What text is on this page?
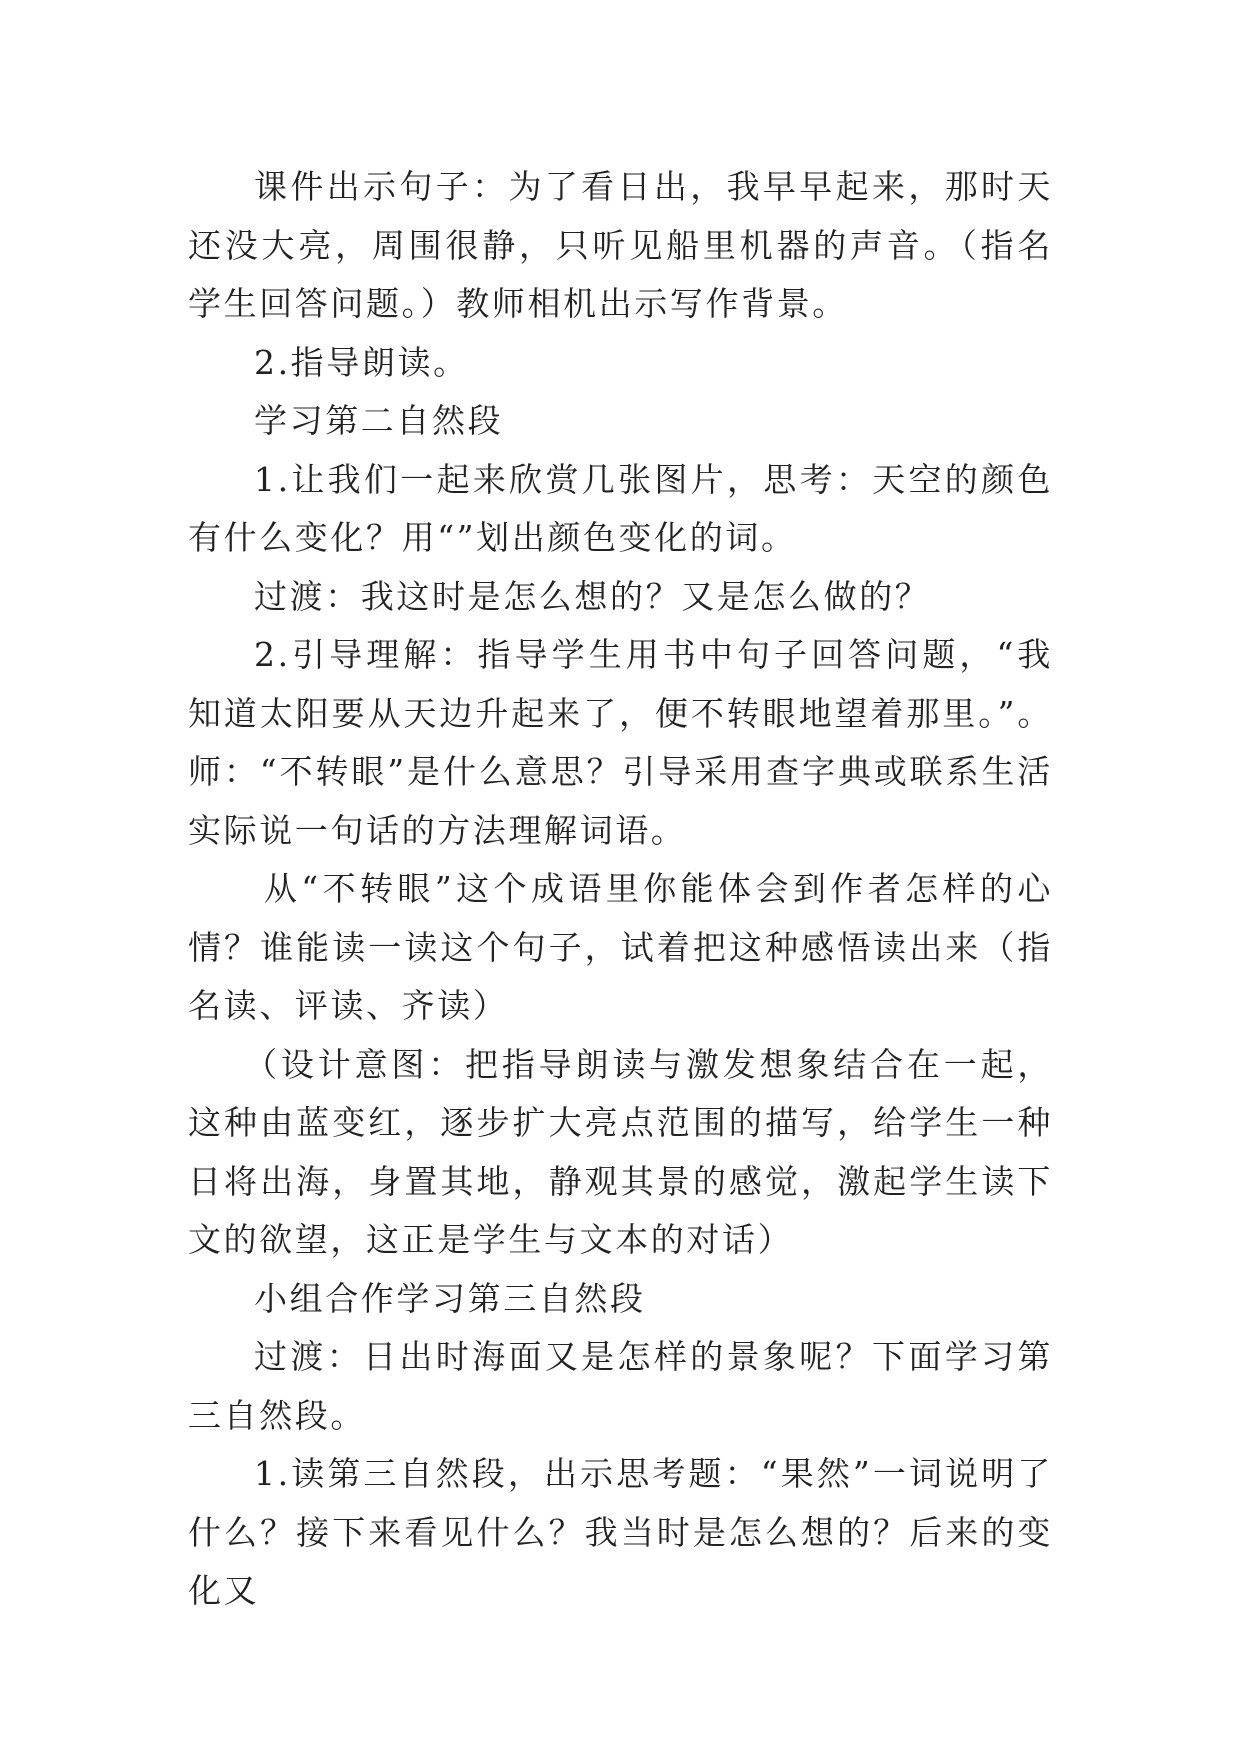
课件出示句子：为了看日出，我早早起来，那时天还没大亮，周围很静，只听见船里机器的声音。（指名学生回答问题。）教师相机出示写作背景。

2.指导朗读。

学习第二自然段

1.让我们一起来欣赏几张图片，思考：天空的颜色有什么变化？用“”划出颜色变化的词。

过渡：我这时是怎么想的？又是怎么做的？

2.引导理解：指导学生用书中句子回答问题，“我知道太阳要从天边升起来了，便不转眼地望着那里。”。师：“不转眼”是什么意思？引导采用查字典或联系生活实际说一句话的方法理解词语。

从“不转眼”这个成语里你能体会到作者怎样的心情？谁能读一读这个句子，试着把这种感悟读出来（指名读、评读、齐读）

（设计意图：把指导朗读与激发想象结合在一起，这种由蓝变红，逐步扩大亮点范围的描写，给学生一种日将出海，身置其地，静观其景的感觉，激起学生读下文的欲望，这正是学生与文本的对话）

小组合作学习第三自然段

过渡：日出时海面又是怎样的景象呢？下面学习第三自然段。

1.读第三自然段，出示思考题：“果然”一词说明了什么？接下来看见什么？我当时是怎么想的？后来的变化又
